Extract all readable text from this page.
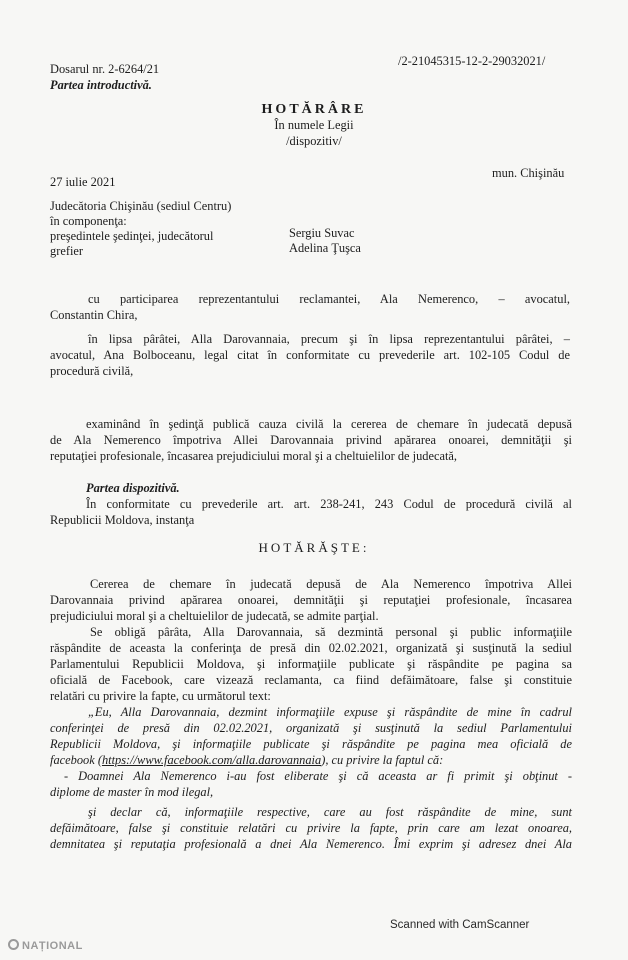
Dosarul nr. 2-6264/21
Partea introductivă.
/2-21045315-12-2-29032021/
HOTĂRÂRE
În numele Legii
/dispozitiv/
27 iulie 2021
mun. Chişinău
Judecătoria Chişinău (sediul Centru)
în componenţa:
preşedintele şedinţei, judecătorul	Sergiu Suvac
grefier	Adelina Ţuşca
cu participarea reprezentantului reclamantei, Ala Nemerenco, – avocatul,
Constantin Chira,
în lipsa pârâtei, Alla Darovannaia, precum şi în lipsa reprezentantului pârâtei, –
avocatul, Ana Bolboceanu, legal citat în conformitate cu prevederile art. 102-105 Codul de
procedură civilă,
examinând în şedinţă publică cauza civilă la cererea de chemare în judecată depusă
de Ala Nemerenco împotriva Allei Darovannaia privind apărarea onoarei, demnităţii şi
reputaţiei profesionale, încasarea prejudiciului moral şi a cheltuielilor de judecată,
Partea dispozitivă.
În conformitate cu prevederile art. art. 238-241, 243 Codul de procedură civilă al
Republicii Moldova, instanţa
HOTĂRĂŞTE:
Cererea de chemare în judecată depusă de Ala Nemerenco împotriva Allei
Darovannaia privind apărarea onoarei, demnităţii şi reputaţiei profesionale, încasarea
prejudiciului moral şi a cheltuielilor de judecată, se admite parţial.
Se obligă pârâta, Alla Darovannaia, să dezmintă personal şi public informaţiile
răspândite de aceasta la conferinţa de presă din 02.02.2021, organizată şi susţinută la sediul
Parlamentului Republicii Moldova, şi informaţiile publicate şi răspândite pe pagina sa
oficială de Facebook, care vizează reclamanta, ca fiind defăimătoare, false şi constituie
relatări cu privire la fapte, cu următorul text:
„Eu, Alla Darovannaia, dezmint informaţiile expuse şi răspândite de mine în cadrul
conferinţei de presă din 02.02.2021, organizată şi susţinută la sediul Parlamentului
Republicii Moldova, şi informaţiile publicate şi răspândite pe pagina mea oficială de
facebook (https://www.facebook.com/alla.darovannaia), cu privire la faptul că:
- Doamnei Ala Nemerenco i-au fost eliberate şi că aceasta ar fi primit şi obţinut -
diplome de master în mod ilegal,
şi declar că, informaţiile respective, care au fost răspândite de mine, sunt
defăimătoare, false şi constituie relatări cu privire la fapte, prin care am lezat onoarea,
demnitatea şi reputaţia profesională a dnei Ala Nemerenco. Îmi exprim şi adresez dnei Ala
Scanned with CamScanner
NAȚIONAL
